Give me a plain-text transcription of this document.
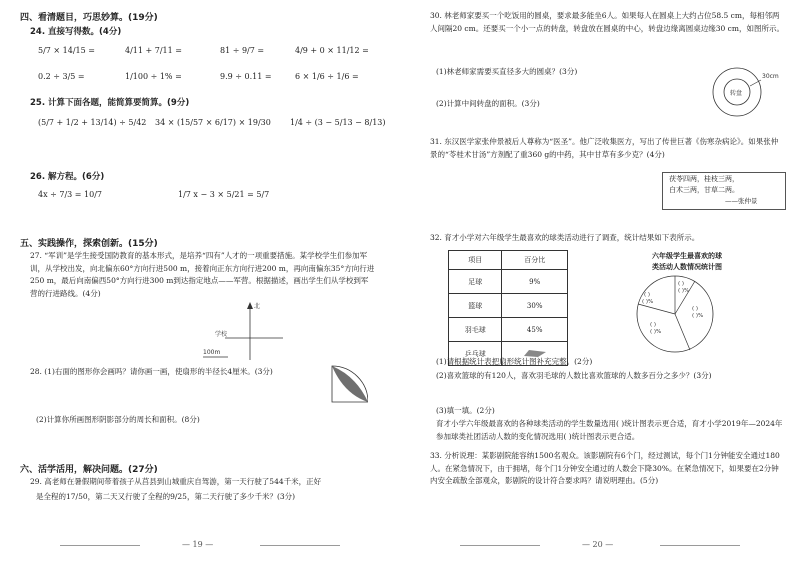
四、看清题目，巧思妙算。(19分)
24. 直接写得数。(4分)
5/7 × 14/15 =	4/11 + 7/11 =	81 ÷ 9/7 =	4/9 + 0 × 11/12 =
0.2 ÷ 3/5 =	1/100 ÷ 1% =	9.9 ÷ 0.11 =	6 × 1/6 ÷ 1/6 =
25. 计算下面各题，能简算要简算。(9分)
(5/7 + 1/2 + 13/14) ÷ 5/42 34 × (15/57 × 6/17) × 19/30 1/4 ÷ (3 − 5/13 − 8/13)
26. 解方程。(6分)
4x ÷ 7/3 = 10/7	1/7 x − 3 × 5/21 = 5/7
五、实践操作，探索创新。(15分)
27. “军训”是学生接受国防教育的基本形式，是培养“四有”人才的一项重要措施。某学校学生们参加军训，从学校出发，向北偏东60°方向行进500 m，接着向正东方向行进200 m，再向南偏东35°方向行进250 m，最后向南偏西50°方向行进300 m到达指定地点——军营。根据描述，画出学生们从学校到军营的行进路线。(4分)
北
学校
100m
28. (1)右面的图形你会画吗？请你画一画，使扇形的半径长4厘米。(3分)
(2)计算你所画图形阴影部分的周长和面积。(8分)
六、活学活用，解决问题。(27分)
29. 高老师在暑假期间带着孩子从莒县到山城重庆自驾游，第一天行驶了544千米，正好
是全程的17/50，第二天又行驶了全程的9/25，第二天行驶了多少千米？(3分)
— 19 —
30. 林老师家要买一个吃饭用的圆桌，要求最多能坐6人。如果每人在圆桌上大约占位58.5 cm，每相邻两人间隔20 cm。还要买一个小一点的转盘，转盘放在圆桌的中心，转盘边缘离圆桌边缘30 cm，如图所示。
(1)林老师家需要买直径多大的圆桌？(3分)
转盘
30cm
(2)计算中间转盘的面积。(3分)
31. 东汉医学家张仲景被后人尊称为“医圣”。他广泛收集医方，写出了传世巨著《伤寒杂病论》。如果张仲景的“苓桂术甘汤”方剂配了重360 g的中药，其中甘草有多少克？(4分)
茯苓四两，桂枝三两，
白术三两，甘草二两。
——张仲景
32. 育才小学对六年级学生最喜欢的球类活动进行了调查，统计结果如下表所示。
项目	百分比
足球	9%
篮球	30%
羽毛球	45%
乒乓球	
六年级学生最喜欢的球
类活动人数情况统计图
( )
( )%
( )
( )%
( )
( )%
( )
( )%
(1)请根据统计表把扇形统计图补充完整。(2分)
(2)喜欢篮球的有120人，喜欢羽毛球的人数比喜欢篮球的人数多百分之多少？(3分)
(3)填一填。(2分)
育才小学六年级最喜欢的各种球类活动的学生数量选用( )统计图表示更合适，育才小学2019年—2024年参加球类社团活动人数的变化情况选用( )统计图表示更合适。
33. 分析说理：某影剧院能容纳1500名观众。该影剧院有6个门，经过测试，每个门1分钟能安全通过180人。在紧急情况下，由于拥堵，每个门1分钟安全通过的人数会下降30%。在紧急情况下，如果要在2分钟内安全疏散全部观众，影剧院的设计符合要求吗？请说明理由。(5分)
— 20 —
